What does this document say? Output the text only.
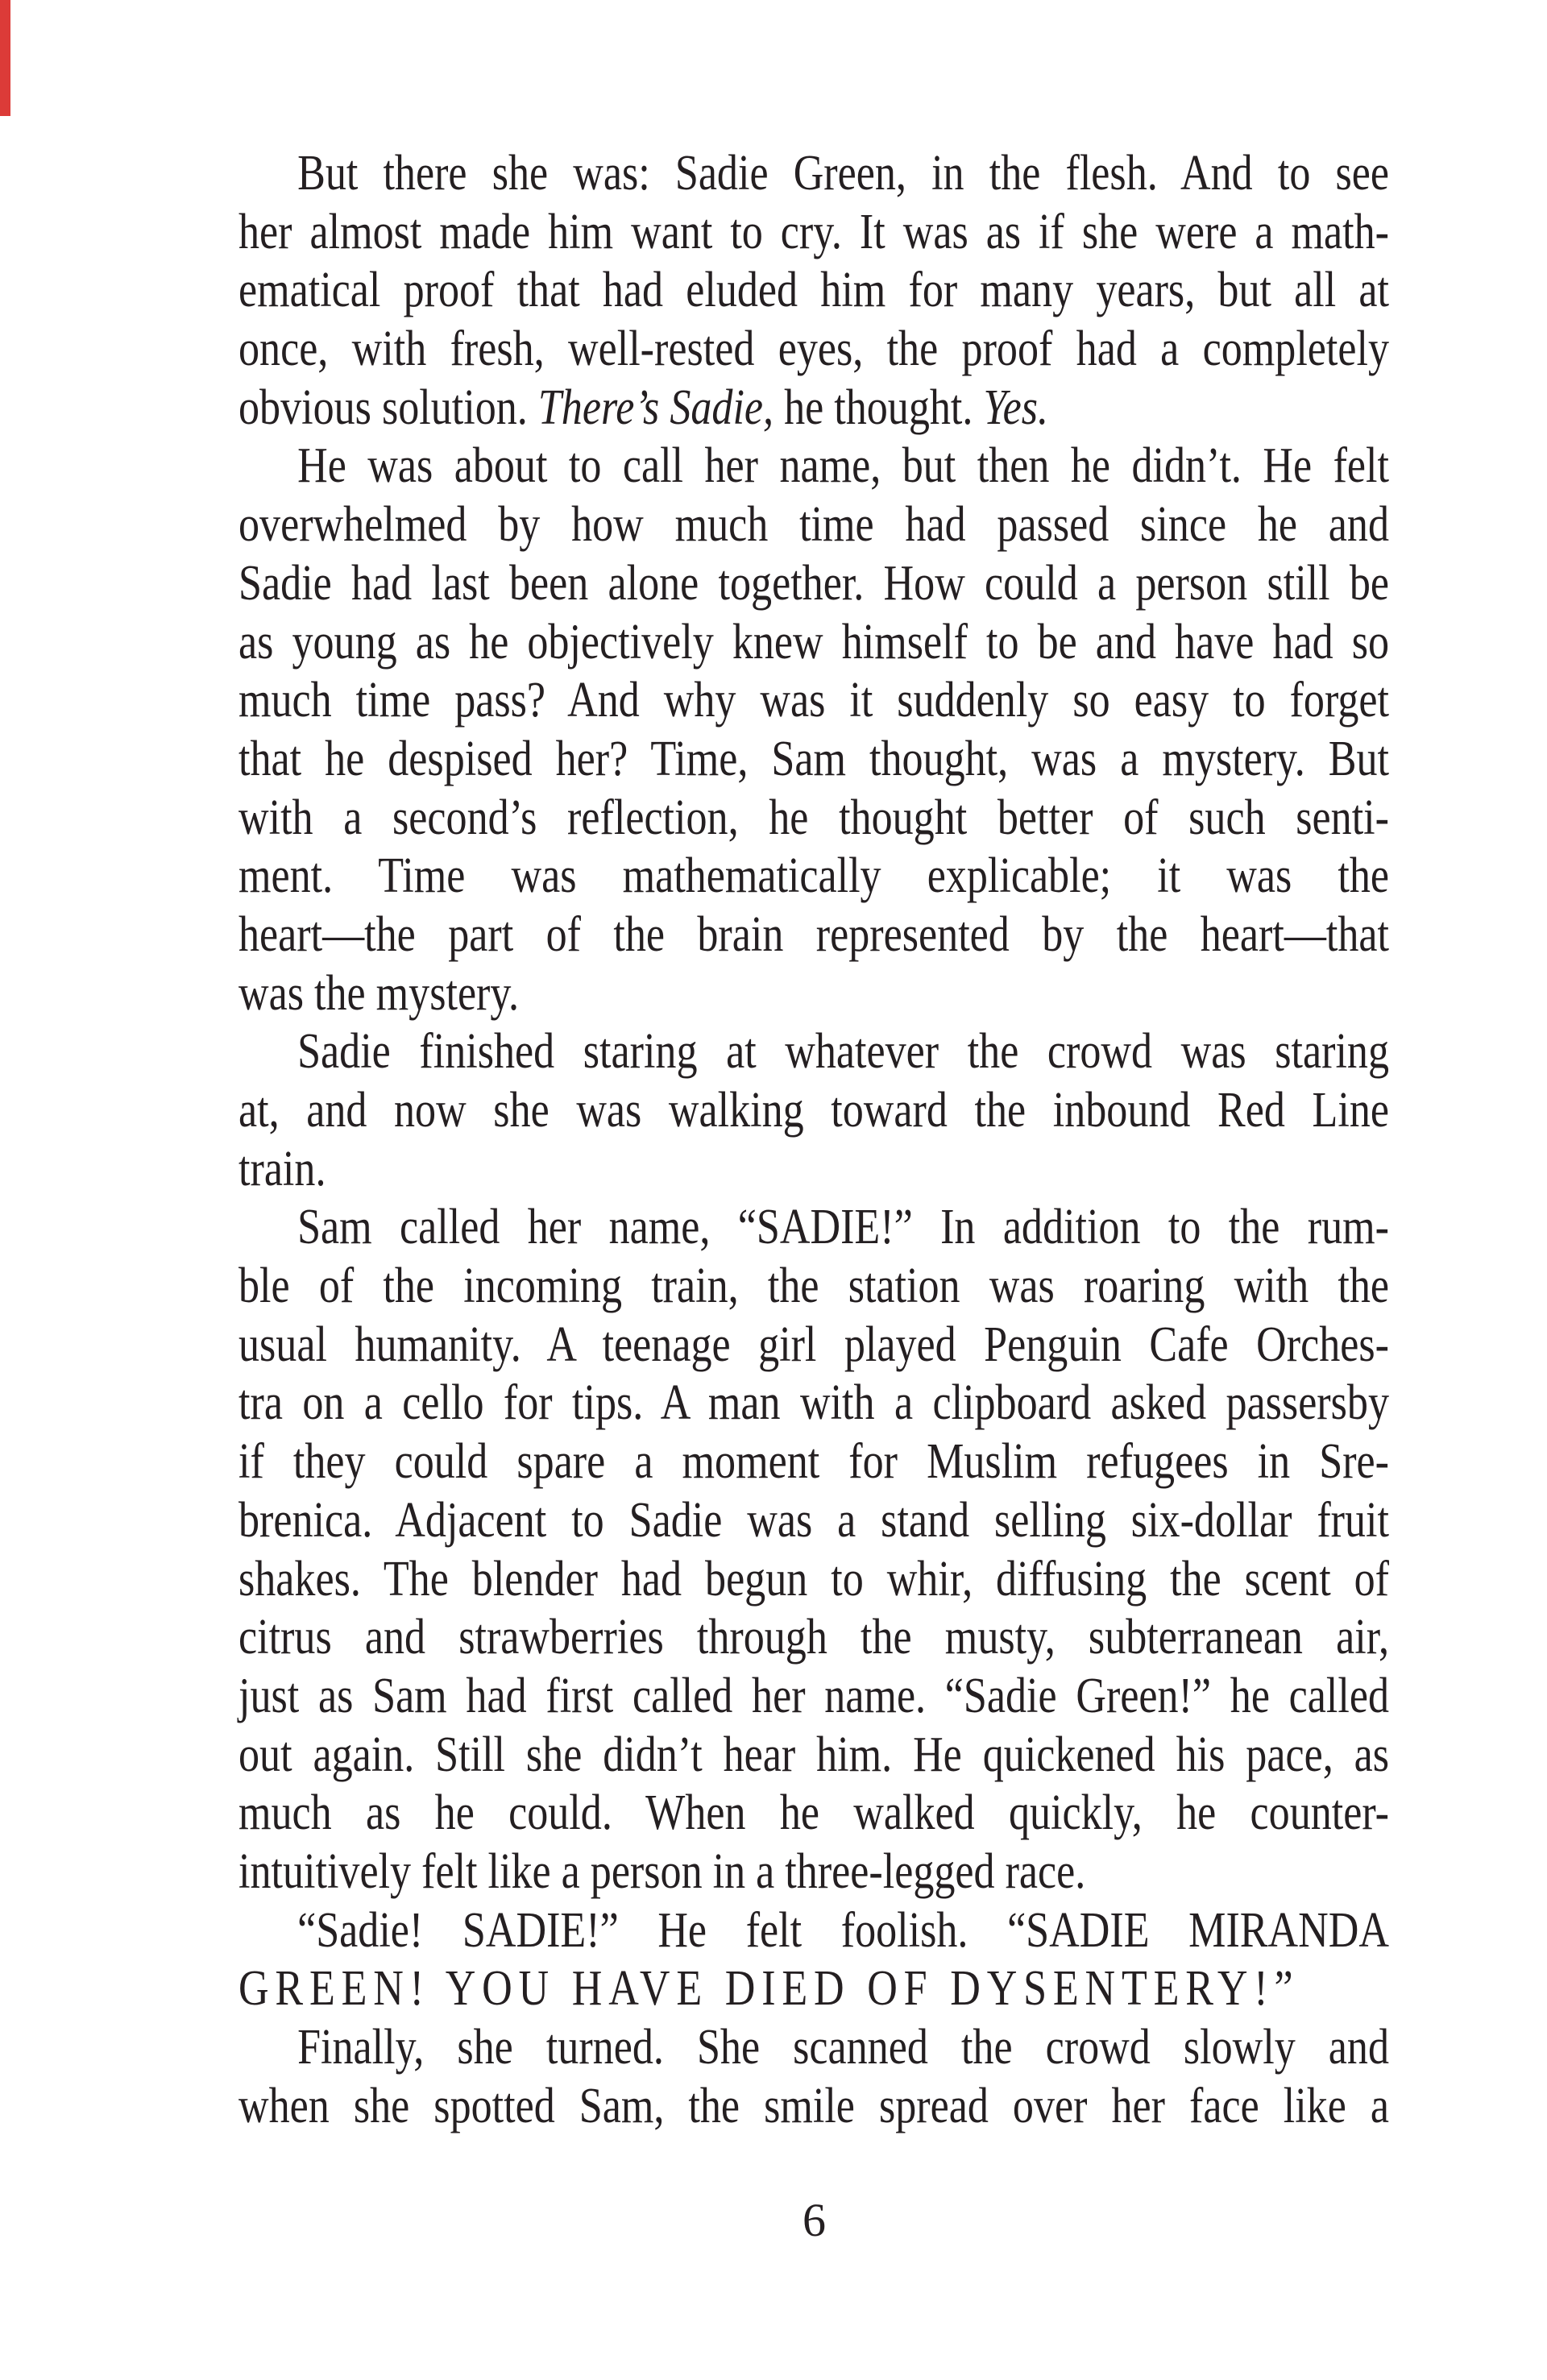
But there she was: Sadie Green, in the flesh. And to see
her almost made him want to cry. It was as if she were a math-
ematical proof that had eluded him for many years, but all at
once, with fresh, well-rested eyes, the proof had a completely
obvious solution. There’s Sadie, he thought. Yes.
He was about to call her name, but then he didn’t. He felt
overwhelmed by how much time had passed since he and
Sadie had last been alone together. How could a person still be
as young as he objectively knew himself to be and have had so
much time pass? And why was it suddenly so easy to forget
that he despised her? Time, Sam thought, was a mystery. But
with a second’s reflection, he thought better of such senti-
ment. Time was mathematically explicable; it was the
heart—the part of the brain represented by the heart—that
was the mystery.
Sadie finished staring at whatever the crowd was staring
at, and now she was walking toward the inbound Red Line
train.
Sam called her name, “SADIE!” In addition to the rum-
ble of the incoming train, the station was roaring with the
usual humanity. A teenage girl played Penguin Cafe Orches-
tra on a cello for tips. A man with a clipboard asked passersby
if they could spare a moment for Muslim refugees in Sre-
brenica. Adjacent to Sadie was a stand selling six-dollar fruit
shakes. The blender had begun to whir, diffusing the scent of
citrus and strawberries through the musty, subterranean air,
just as Sam had first called her name. “Sadie Green!” he called
out again. Still she didn’t hear him. He quickened his pace, as
much as he could. When he walked quickly, he counter-
intuitively felt like a person in a three-legged race.
“Sadie! SADIE!” He felt foolish. “SADIE MIRANDA
GREEN! YOU HAVE DIED OF DYSENTERY!”
Finally, she turned. She scanned the crowd slowly and
when she spotted Sam, the smile spread over her face like a
6
